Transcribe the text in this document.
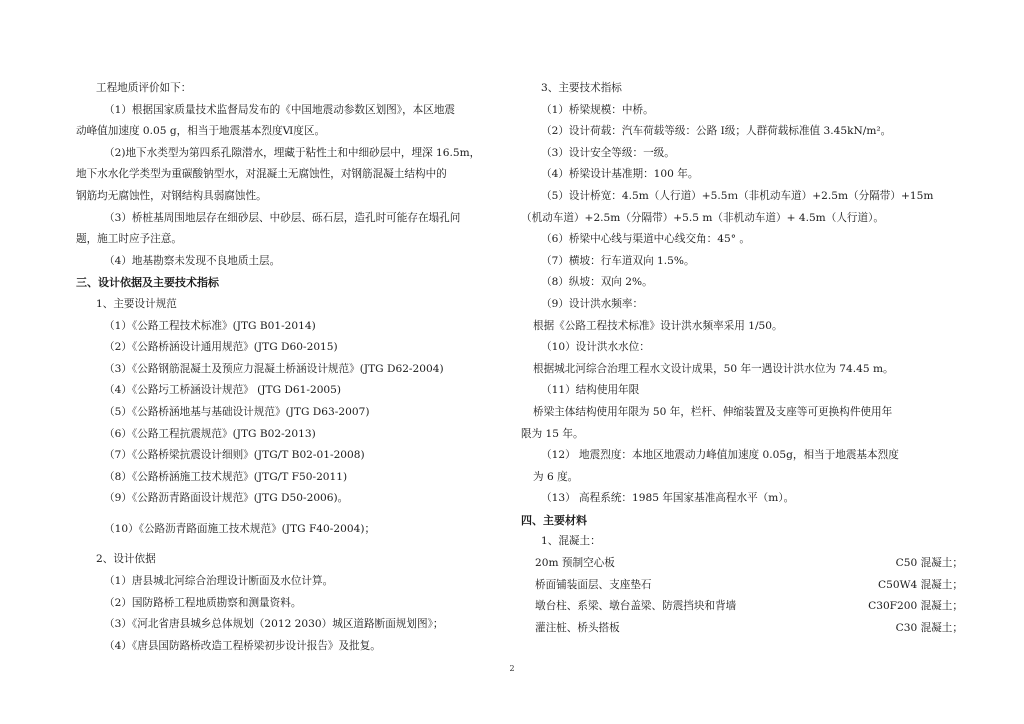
工程地质评价如下：
（1）根据国家质量技术监督局发布的《中国地震动参数区划图》，本区地震
动峰值加速度 0.05 g，相当于地震基本烈度Ⅵ度区。
（2)地下水类型为第四系孔隙潜水，埋藏于粘性土和中细砂层中，埋深 16.5m，
地下水水化学类型为重碳酸钠型水，对混凝土无腐蚀性，对钢筋混凝土结构中的
钢筋均无腐蚀性，对钢结构具弱腐蚀性。
（3）桥桩基周围地层存在细砂层、中砂层、砾石层，造孔时可能存在塌孔问
题，施工时应予注意。
（4）地基勘察未发现不良地质土层。
三、设计依据及主要技术指标
1、主要设计规范
（1）《公路工程技术标准》(JTG B01-2014)
（2）《公路桥涵设计通用规范》(JTG D60-2015)
（3）《公路钢筋混凝土及预应力混凝土桥涵设计规范》(JTG D62-2004)
（4）《公路圬工桥涵设计规范》 (JTG D61-2005)
（5）《公路桥涵地基与基础设计规范》(JTG D63-2007)
（6）《公路工程抗震规范》(JTG B02-2013)
（7）《公路桥梁抗震设计细则》(JTG/T B02-01-2008)
（8）《公路桥涵施工技术规范》(JTG/T F50-2011)
（9）《公路沥青路面设计规范》(JTG D50-2006)。
（10）《公路沥青路面施工技术规范》(JTG F40-2004)；
2、设计依据
（1）唐县城北河综合治理设计断面及水位计算。
（2）国防路桥工程地质勘察和测量资料。
（3）《河北省唐县城乡总体规划（2012 2030）城区道路断面规划图》；
（4）《唐县国防路桥改造工程桥梁初步设计报告》及批复。
3、主要技术指标
（1）桥梁规模：中桥。
（2）设计荷载：汽车荷载等级：公路 Ⅰ级；人群荷载标准值 3.45kN/m²。
（3）设计安全等级：一级。
（4）桥梁设计基准期：100 年。
（5）设计桥宽：4.5m（人行道）+5.5ｍ（非机动车道）+2.5m（分隔带）+15m
（机动车道）+2.5m（分隔带）+5.5 m（非机动车道）+ 4.5m（人行道）。
（6）桥梁中心线与渠道中心线交角：45° 。
（7）横坡：行车道双向 1.5%。
（8）纵坡：双向 2%。
（9）设计洪水频率：
根据《公路工程技术标准》设计洪水频率采用 1/50。
（10）设计洪水水位：
根据城北河综合治理工程水文设计成果，50 年一遇设计洪水位为 74.45 m。
（11）结构使用年限
桥梁主体结构使用年限为 50 年，栏杆、伸缩装置及支座等可更换构件使用年
限为 15 年。
（12） 地震烈度：本地区地震动力峰值加速度 0.05g，相当于地震基本烈度
为 6 度。
（13） 高程系统：1985 年国家基准高程水平（m）。
四、主要材料
1、混凝土：
20m 预制空心板	C50 混凝土；
桥面铺装面层、支座垫石	C50W4 混凝土；
墩台柱、系梁、墩台盖梁、防震挡块和背墙	C30F200 混凝土；
灌注桩、桥头搭板	C30 混凝土；
2
